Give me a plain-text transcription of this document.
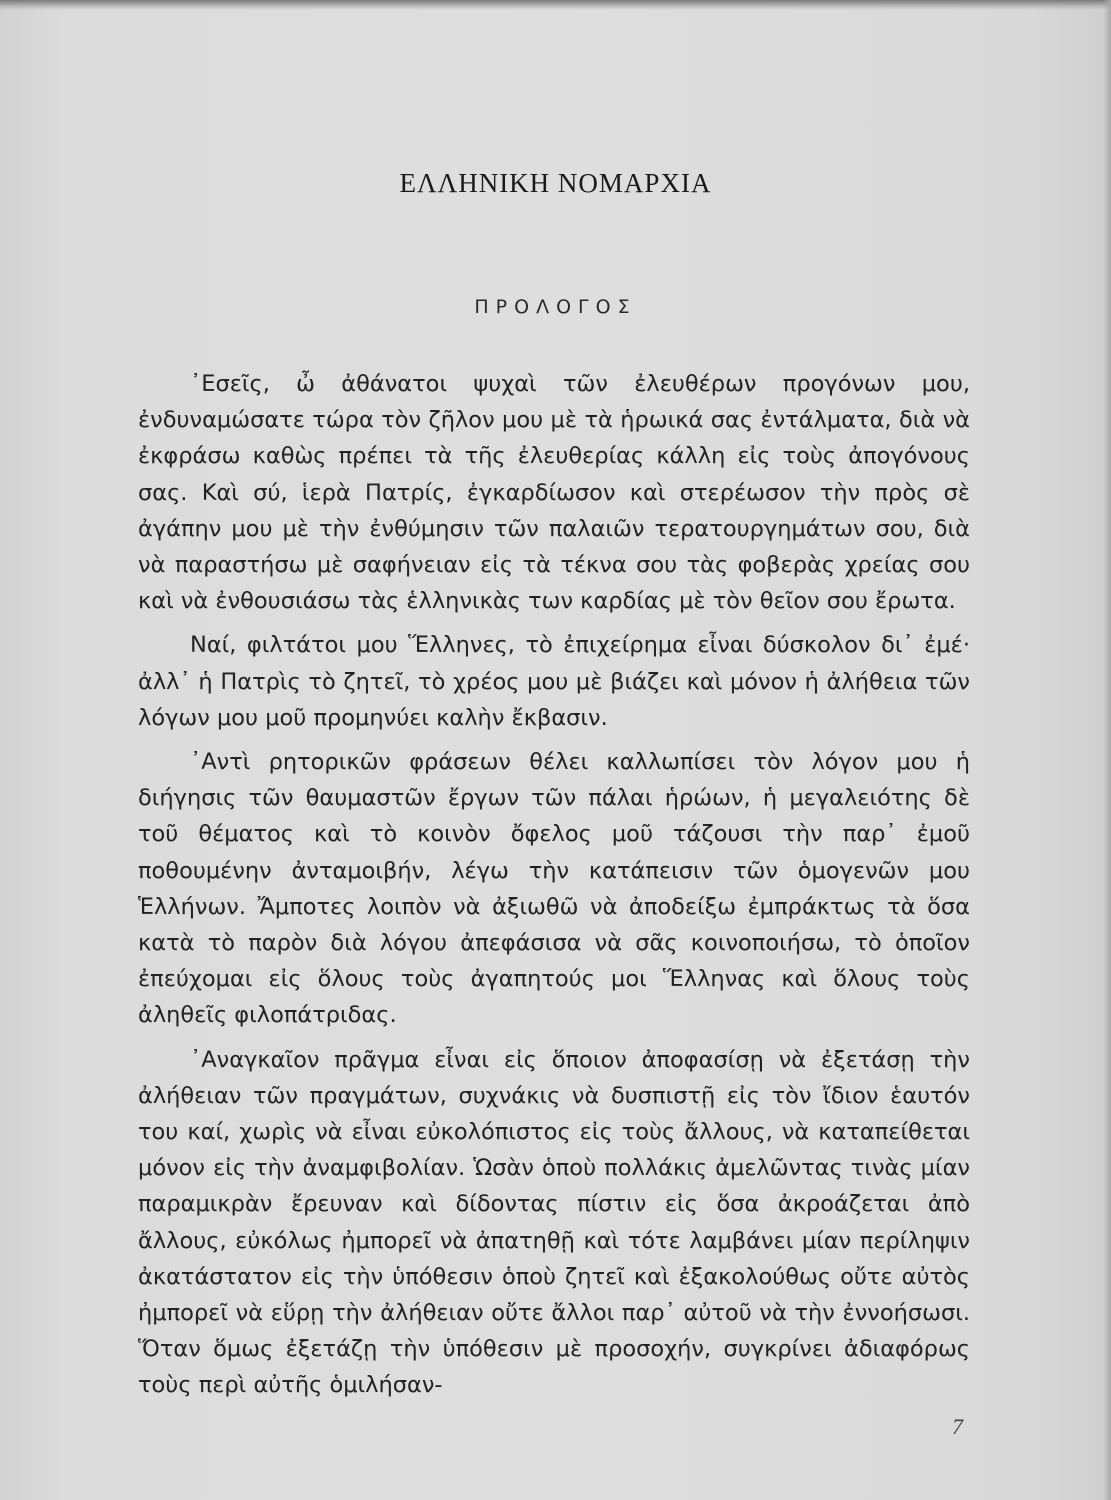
ΕΛΛΗΝΙΚΗ ΝΟΜΑΡΧΙΑ
ΠΡΟΛΟΓΟΣ

᾿Εσεῖς, ὦ ἀθάνατοι ψυχαὶ τῶν ἐλευθέρων προγόνων μου, ἐνδυναμώσατε τώρα τὸν ζῆλον μου μὲ τὰ ἡρωικά σας ἐντάλματα, διὰ νὰ ἐκφράσω καθὼς πρέπει τὰ τῆς ἐλευθερίας κάλλη εἰς τοὺς ἀπογόνους σας. Καὶ σύ, ἱερὰ Πατρίς, ἐγκαρδίωσον καὶ στερέωσον τὴν πρὸς σὲ ἀγάπην μου μὲ τὴν ἐνθύμησιν τῶν παλαιῶν τερατουργημάτων σου, διὰ νὰ παραστήσω μὲ σαφήνειαν εἰς τὰ τέκνα σου τὰς φοβερὰς χρείας σου καὶ νὰ ἐνθουσιάσω τὰς ἑλληνικὰς των καρδίας μὲ τὸν θεῖον σου ἔρωτα.

Ναί, φιλτάτοι μου Ἕλληνες, τὸ ἐπιχείρημα εἶναι δύσκολον δι᾿ ἐμέ· ἀλλ᾿ ἡ Πατρὶς τὸ ζητεῖ, τὸ χρέος μου μὲ βιάζει καὶ μόνον ἡ ἀλήθεια τῶν λόγων μου μοῦ προμηνύει καλὴν ἔκβασιν.

᾿Αντὶ ρητορικῶν φράσεων θέλει καλλωπίσει τὸν λόγον μου ἡ διήγησις τῶν θαυμαστῶν ἔργων τῶν πάλαι ἡρώων, ἡ μεγαλειότης δὲ τοῦ θέματος καὶ τὸ κοινὸν ὄφελος μοῦ τάζουσι τὴν παρ᾿ ἐμοῦ ποθουμένην ἀνταμοιβήν, λέγω τὴν κατάπεισιν τῶν ὁμογενῶν μου Ἑλλήνων. Ἄμποτες λοιπὸν νὰ ἀξιωθῶ νὰ ἀποδείξω ἐμπράκτως τὰ ὅσα κατὰ τὸ παρὸν διὰ λόγου ἀπεφάσισα νὰ σᾶς κοινοποιήσω, τὸ ὁποῖον ἐπεύχομαι εἰς ὅλους τοὺς ἀγαπητούς μοι Ἕλληνας καὶ ὅλους τοὺς ἀληθεῖς φιλοπάτριδας.

᾿Αναγκαῖον πρᾶγμα εἶναι εἰς ὅποιον ἀποφασίσῃ νὰ ἐξετάσῃ τὴν ἀλήθειαν τῶν πραγμάτων, συχνάκις νὰ δυσπιστῇ εἰς τὸν ἴδιον ἑαυτόν του καί, χωρὶς νὰ εἶναι εὐκολόπιστος εἰς τοὺς ἄλλους, νὰ καταπείθεται μόνον εἰς τὴν ἀναμφιβολίαν. Ὡσὰν ὁποὺ πολλάκις ἀμελῶντας τινὰς μίαν παραμικρὰν ἔρευναν καὶ δίδοντας πίστιν εἰς ὅσα ἀκροάζεται ἀπὸ ἄλλους, εὐκόλως ἠμπορεῖ νὰ ἀπατηθῇ καὶ τότε λαμβάνει μίαν περίληψιν ἀκατάστατον εἰς τὴν ὑπόθεσιν ὁποὺ ζητεῖ καὶ ἐξακολούθως οὔτε αὐτὸς ἠμπορεῖ νὰ εὕρῃ τὴν ἀλήθειαν οὔτε ἄλλοι παρ᾿ αὐτοῦ νὰ τὴν ἐννοήσωσι. Ὅταν ὅμως ἐξετάζῃ τὴν ὑπόθεσιν μὲ προσοχήν, συγκρίνει ἀδιαφόρως τοὺς περὶ αὐτῆς ὁμιλήσαν-

7
